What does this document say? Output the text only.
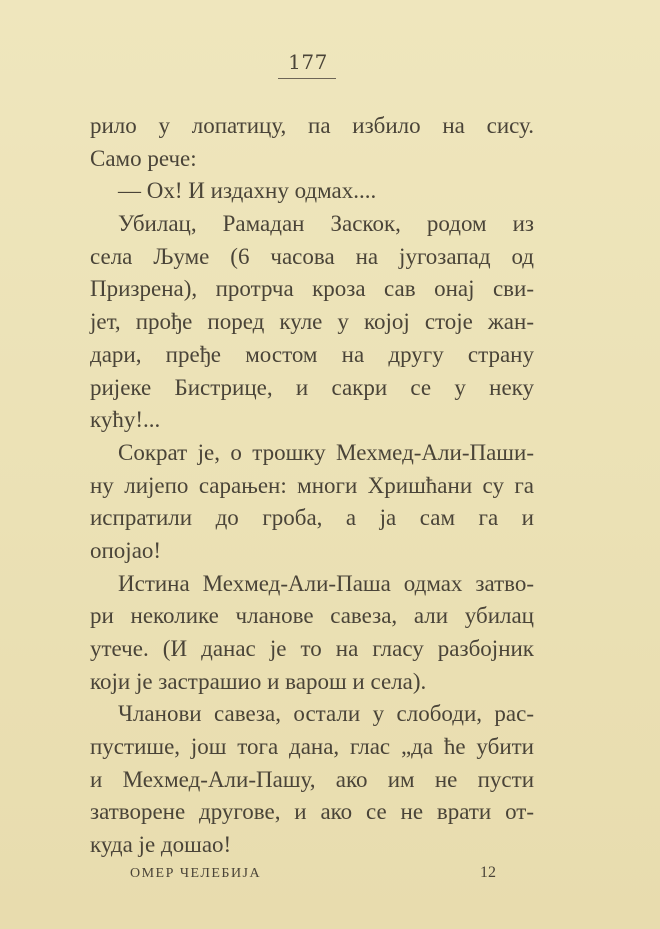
177
рило у лопатицу, па избило на сису.
Само рече:
— Ох! И издахну одмах....
Убилац, Рамадан Заскок, родом из
села Љуме (6 часова на југозапад од
Призрена), протрча кроза сав онај сви-
јет, прође поред куле у којој стоје жан-
дари, пређе мостом на другу страну
ријеке Бистрице, и сакри се у неку
кућу!...
Сократ је, о трошку Мехмед-Али-Паши-
ну лијепо сарањен: многи Хришћани су га
испратили до гроба, а ја сам га и
опојао!
Истина Мехмед-Али-Паша одмах затво-
ри неколике чланове савеза, али убилац
утече. (И данас је то на гласу разбојник
који је застрашио и варош и села).
Чланови савеза, остали у слободи, рас-
пустише, још тога дана, глас „да ће убити
и Мехмед-Али-Пашу, ако им не пусти
затворене другове, и ако се не врати от-
куда је дошао!
ОМЕР ЧЕЛЕБИЈА	12
